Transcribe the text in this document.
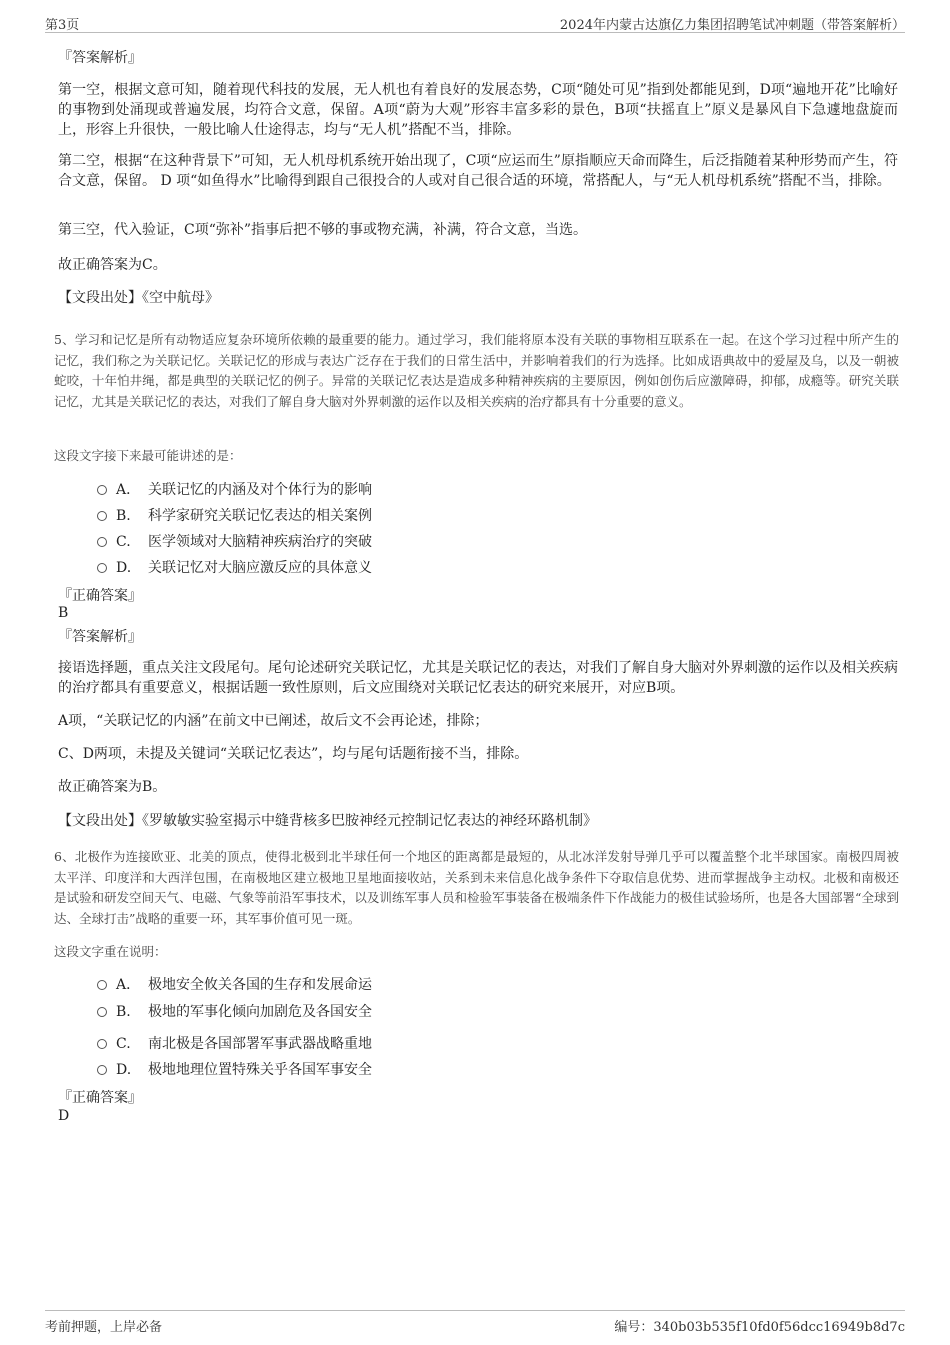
第3页	2024年内蒙古达旗亿力集团招聘笔试冲刺题（带答案解析）
『答案解析』
第一空，根据文意可知，随着现代科技的发展，无人机也有着良好的发展态势，C项“随处可见”指到处都能见到，D项“遍地开花”比喻好的事物到处涌现或普遍发展，均符合文意，保留。A项“蔚为大观”形容丰富多彩的景色，B项“扶摇直上”原义是暴风自下急遽地盘旋而上，形容上升很快，一般比喻人仕途得志，均与“无人机”搭配不当，排除。
第二空，根据“在这种背景下”可知，无人机母机系统开始出现了，C项“应运而生”原指顺应天命而降生，后泛指随着某种形势而产生，符合文意，保留。 D 项“如鱼得水”比喻得到跟自己很投合的人或对自己很合适的环境，常搭配人，与“无人机母机系统”搭配不当，排除。
第三空，代入验证，C项“弥补”指事后把不够的事或物充满，补满，符合文意，当选。
故正确答案为C。
【文段出处】《空中航母》
5、学习和记忆是所有动物适应复杂环境所依赖的最重要的能力。通过学习，我们能将原本没有关联的事物相互联系在一起。在这个学习过程中所产生的记忆，我们称之为关联记忆。关联记忆的形成与表达广泛存在于我们的日常生活中，并影响着我们的行为选择。比如成语典故中的爱屋及乌，以及一朝被蛇咬，十年怕井绳，都是典型的关联记忆的例子。异常的关联记忆表达是造成多种精神疾病的主要原因，例如创伤后应激障碍，抑郁，成瘾等。研究关联记忆，尤其是关联记忆的表达，对我们了解自身大脑对外界刺激的运作以及相关疾病的治疗都具有十分重要的意义。
这段文字接下来最可能讲述的是：
A． 关联记忆的内涵及对个体行为的影响
B. 科学家研究关联记忆表达的相关案例
C. 医学领域对大脑精神疾病治疗的突破
D. 关联记忆对大脑应激反应的具体意义
『正确答案』
B
『答案解析』
接语选择题，重点关注文段尾句。尾句论述研究关联记忆，尤其是关联记忆的表达，对我们了解自身大脑对外界刺激的运作以及相关疾病的治疗都具有重要意义，根据话题一致性原则，后文应围绕对关联记忆表达的研究来展开，对应B项。
A项，“关联记忆的内涵”在前文中已阐述，故后文不会再论述，排除；
C、D两项，未提及关键词“关联记忆表达”，均与尾句话题衔接不当，排除。
故正确答案为B。
【文段出处】《罗敏敏实验室揭示中缝背核多巴胺神经元控制记忆表达的神经环路机制》
6、北极作为连接欧亚、北美的顶点，使得北极到北半球任何一个地区的距离都是最短的，从北冰洋发射导弹几乎可以覆盖整个北半球国家。南极四周被太平洋、印度洋和大西洋包围，在南极地区建立极地卫星地面接收站，关系到未来信息化战争条件下夺取信息优势、进而掌握战争主动权。北极和南极还是试验和研发空间天气、电磁、气象等前沿军事技术，以及训练军事人员和检验军事装备在极端条件下作战能力的极佳试验场所，也是各大国部署“全球到达、全球打击”战略的重要一环，其军事价值可见一斑。
这段文字重在说明：
A． 极地安全攸关各国的生存和发展命运
B. 极地的军事化倾向加剧危及各国安全
C. 南北极是各国部署军事武器战略重地
D. 极地地理位置特殊关乎各国军事安全
『正确答案』
D
考前押题，上岸必备	编号：340b03b535f10fd0f56dcc16949b8d7c
